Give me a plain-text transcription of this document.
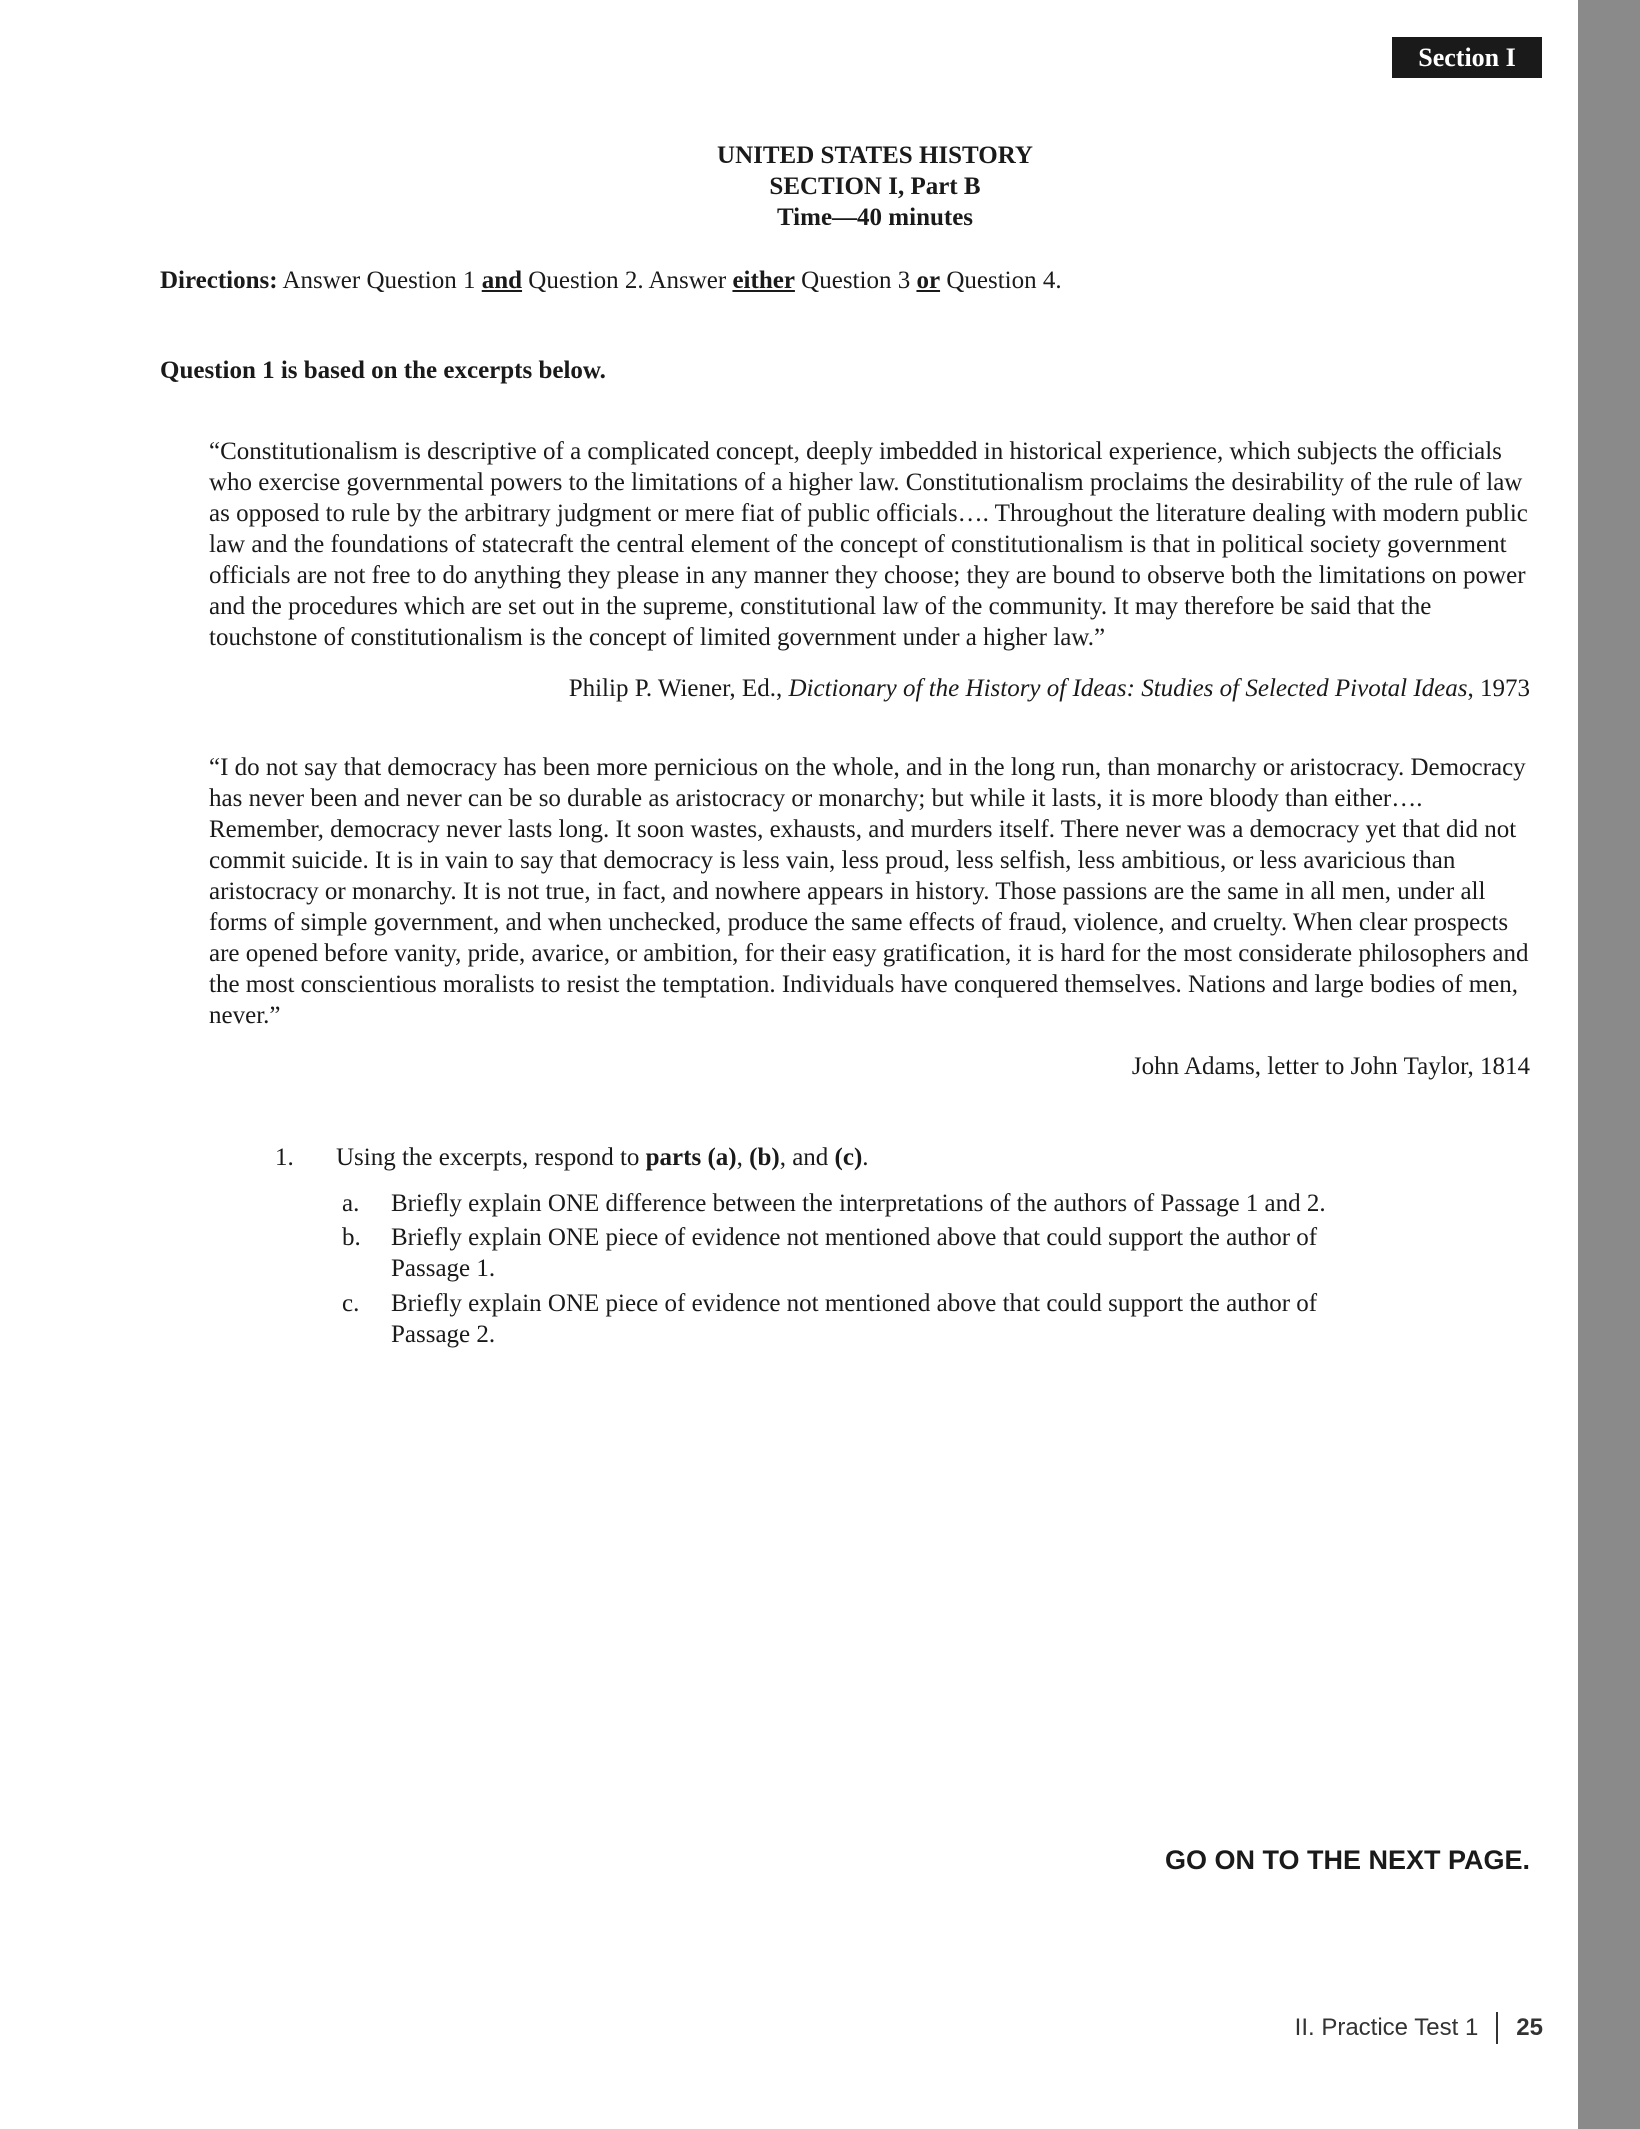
Section I
UNITED STATES HISTORY
SECTION I, Part B
Time—40 minutes
Directions: Answer Question 1 and Question 2. Answer either Question 3 or Question 4.
Question 1 is based on the excerpts below.
“Constitutionalism is descriptive of a complicated concept, deeply imbedded in historical experience, which subjects the officials who exercise governmental powers to the limitations of a higher law. Constitutionalism proclaims the desirability of the rule of law as opposed to rule by the arbitrary judgment or mere fiat of public officials…. Throughout the literature dealing with modern public law and the foundations of statecraft the central element of the concept of constitutionalism is that in political society government officials are not free to do anything they please in any manner they choose; they are bound to observe both the limitations on power and the procedures which are set out in the supreme, constitutional law of the community. It may therefore be said that the touchstone of constitutionalism is the concept of limited government under a higher law.”
Philip P. Wiener, Ed., Dictionary of the History of Ideas: Studies of Selected Pivotal Ideas, 1973
“I do not say that democracy has been more pernicious on the whole, and in the long run, than monarchy or aristocracy. Democracy has never been and never can be so durable as aristocracy or monarchy; but while it lasts, it is more bloody than either…. Remember, democracy never lasts long. It soon wastes, exhausts, and murders itself. There never was a democracy yet that did not commit suicide. It is in vain to say that democracy is less vain, less proud, less selfish, less ambitious, or less avaricious than aristocracy or monarchy. It is not true, in fact, and nowhere appears in history. Those passions are the same in all men, under all forms of simple government, and when unchecked, produce the same effects of fraud, violence, and cruelty. When clear prospects are opened before vanity, pride, avarice, or ambition, for their easy gratification, it is hard for the most considerate philosophers and the most conscientious moralists to resist the temptation. Individuals have conquered themselves. Nations and large bodies of men, never.”
John Adams, letter to John Taylor, 1814
1. Using the excerpts, respond to parts (a), (b), and (c).
a. Briefly explain ONE difference between the interpretations of the authors of Passage 1 and 2.
b. Briefly explain ONE piece of evidence not mentioned above that could support the author of Passage 1.
c. Briefly explain ONE piece of evidence not mentioned above that could support the author of Passage 2.
GO ON TO THE NEXT PAGE.
II. Practice Test 1 25
